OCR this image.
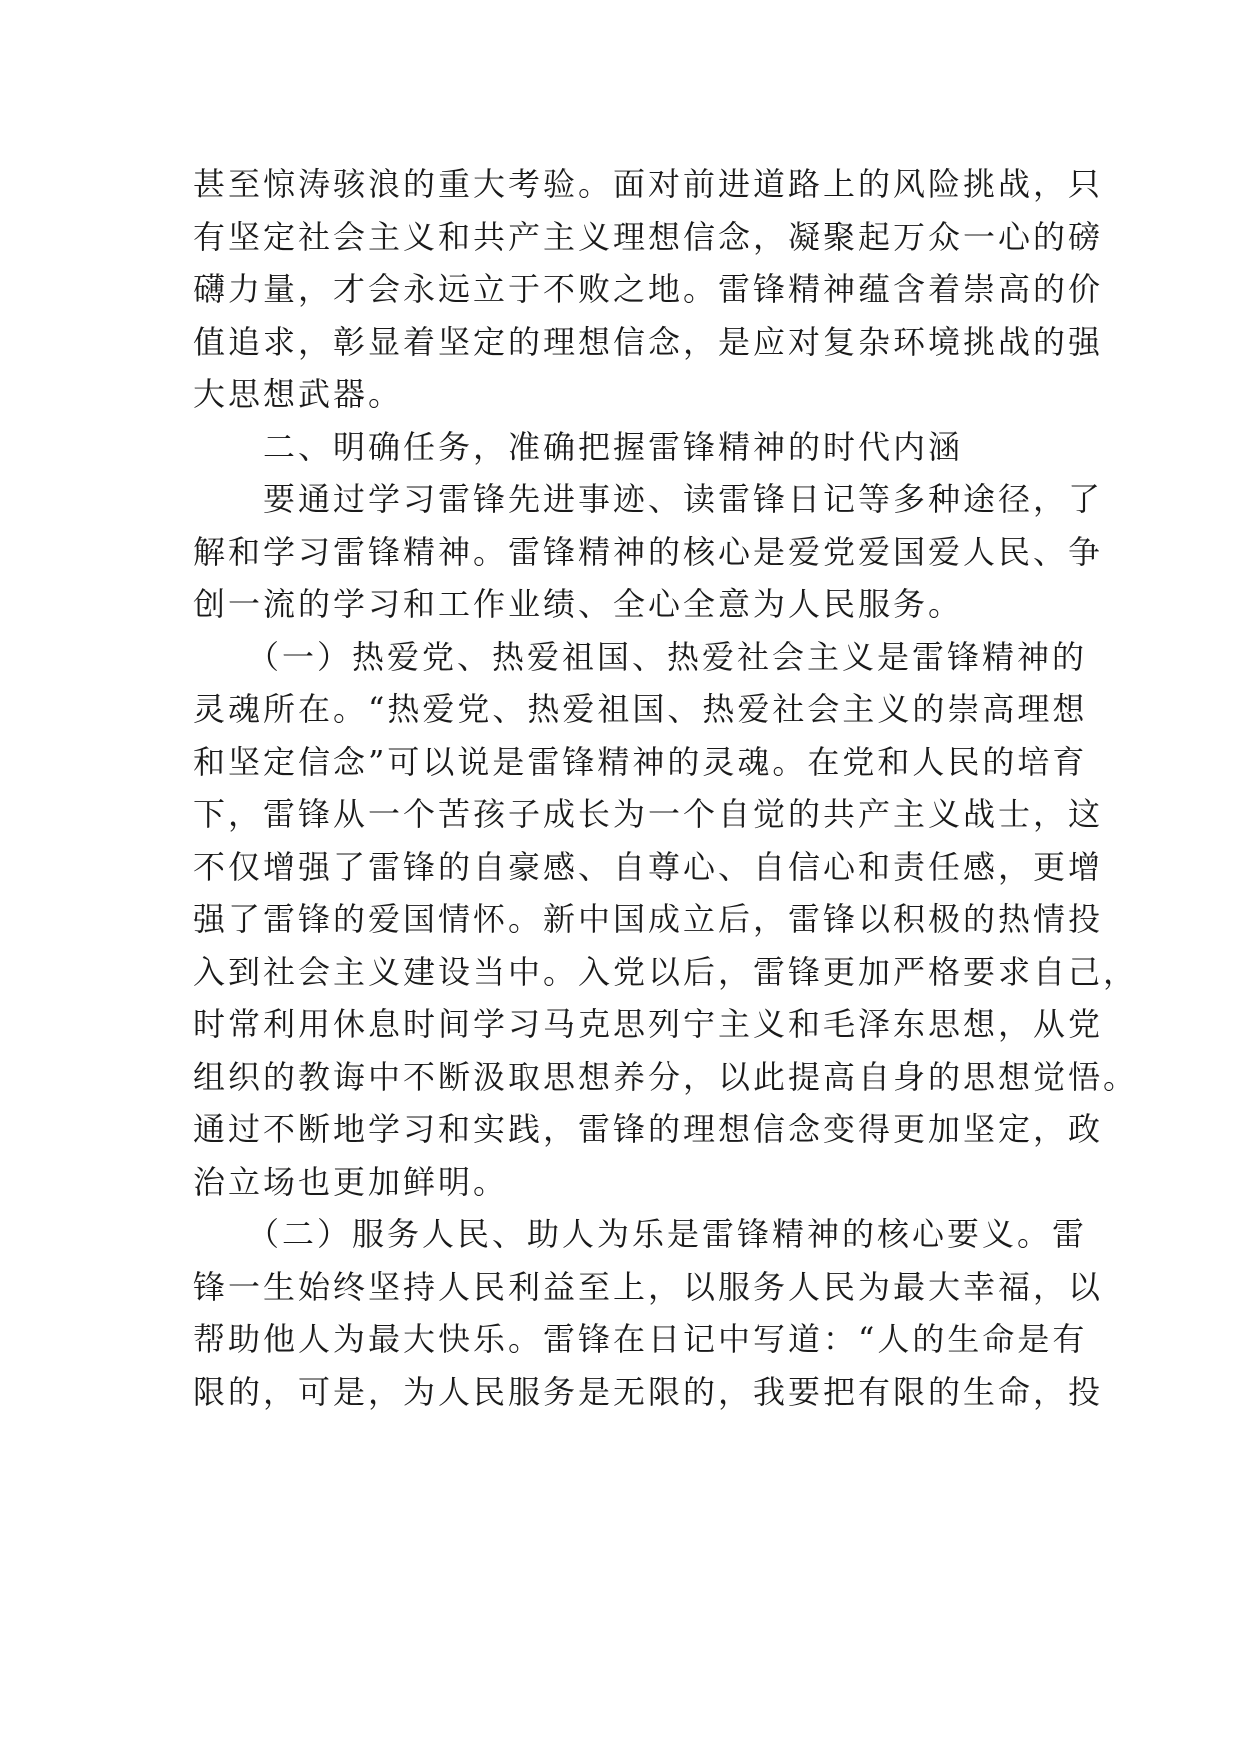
甚至惊涛骇浪的重大考验。面对前进道路上的风险挑战，只
有坚定社会主义和共产主义理想信念，凝聚起万众一心的磅
礴力量，才会永远立于不败之地。雷锋精神蕴含着崇高的价
值追求，彰显着坚定的理想信念，是应对复杂环境挑战的强
大思想武器。
　　二、明确任务，准确把握雷锋精神的时代内涵
　　要通过学习雷锋先进事迹、读雷锋日记等多种途径，了
解和学习雷锋精神。雷锋精神的核心是爱党爱国爱人民、争
创一流的学习和工作业绩、全心全意为人民服务。
　　（一）热爱党、热爱祖国、热爱社会主义是雷锋精神的
灵魂所在。“热爱党、热爱祖国、热爱社会主义的崇高理想
和坚定信念”可以说是雷锋精神的灵魂。在党和人民的培育
下，雷锋从一个苦孩子成长为一个自觉的共产主义战士，这
不仅增强了雷锋的自豪感、自尊心、自信心和责任感，更增
强了雷锋的爱国情怀。新中国成立后，雷锋以积极的热情投
入到社会主义建设当中。入党以后，雷锋更加严格要求自己，
时常利用休息时间学习马克思列宁主义和毛泽东思想，从党
组织的教诲中不断汲取思想养分，以此提高自身的思想觉悟。
通过不断地学习和实践，雷锋的理想信念变得更加坚定，政
治立场也更加鲜明。
　　（二）服务人民、助人为乐是雷锋精神的核心要义。雷
锋一生始终坚持人民利益至上，以服务人民为最大幸福，以
帮助他人为最大快乐。雷锋在日记中写道：“人的生命是有
限的，可是，为人民服务是无限的，我要把有限的生命，投
